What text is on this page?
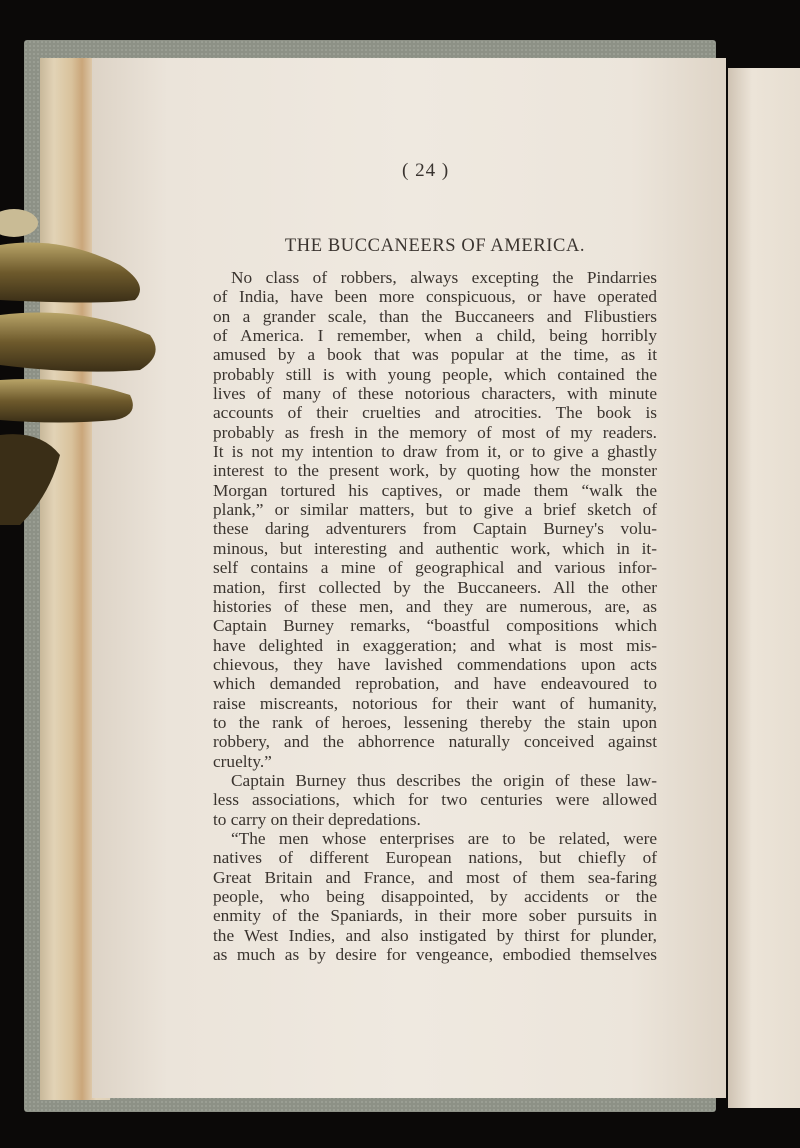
( 24 )
THE BUCCANEERS OF AMERICA.
No class of robbers, always excepting the Pindarries
of India, have been more conspicuous, or have operated
on a grander scale, than the Buccaneers and Flibustiers
of America. I remember, when a child, being horribly
amused by a book that was popular at the time, as it
probably still is with young people, which contained the
lives of many of these notorious characters, with minute
accounts of their cruelties and atrocities. The book is
probably as fresh in the memory of most of my readers.
It is not my intention to draw from it, or to give a ghastly
interest to the present work, by quoting how the monster
Morgan tortured his captives, or made them “walk the
plank,” or similar matters, but to give a brief sketch of
these daring adventurers from Captain Burney's volu-
minous, but interesting and authentic work, which in it-
self contains a mine of geographical and various infor-
mation, first collected by the Buccaneers. All the other
histories of these men, and they are numerous, are, as
Captain Burney remarks, “boastful compositions which
have delighted in exaggeration; and what is most mis-
chievous, they have lavished commendations upon acts
which demanded reprobation, and have endeavoured to
raise miscreants, notorious for their want of humanity,
to the rank of heroes, lessening thereby the stain upon
robbery, and the abhorrence naturally conceived against
cruelty.”
Captain Burney thus describes the origin of these law-
less associations, which for two centuries were allowed
to carry on their depredations.
“The men whose enterprises are to be related, were
natives of different European nations, but chiefly of
Great Britain and France, and most of them sea-faring
people, who being disappointed, by accidents or the
enmity of the Spaniards, in their more sober pursuits in
the West Indies, and also instigated by thirst for plunder,
as much as by desire for vengeance, embodied themselves
